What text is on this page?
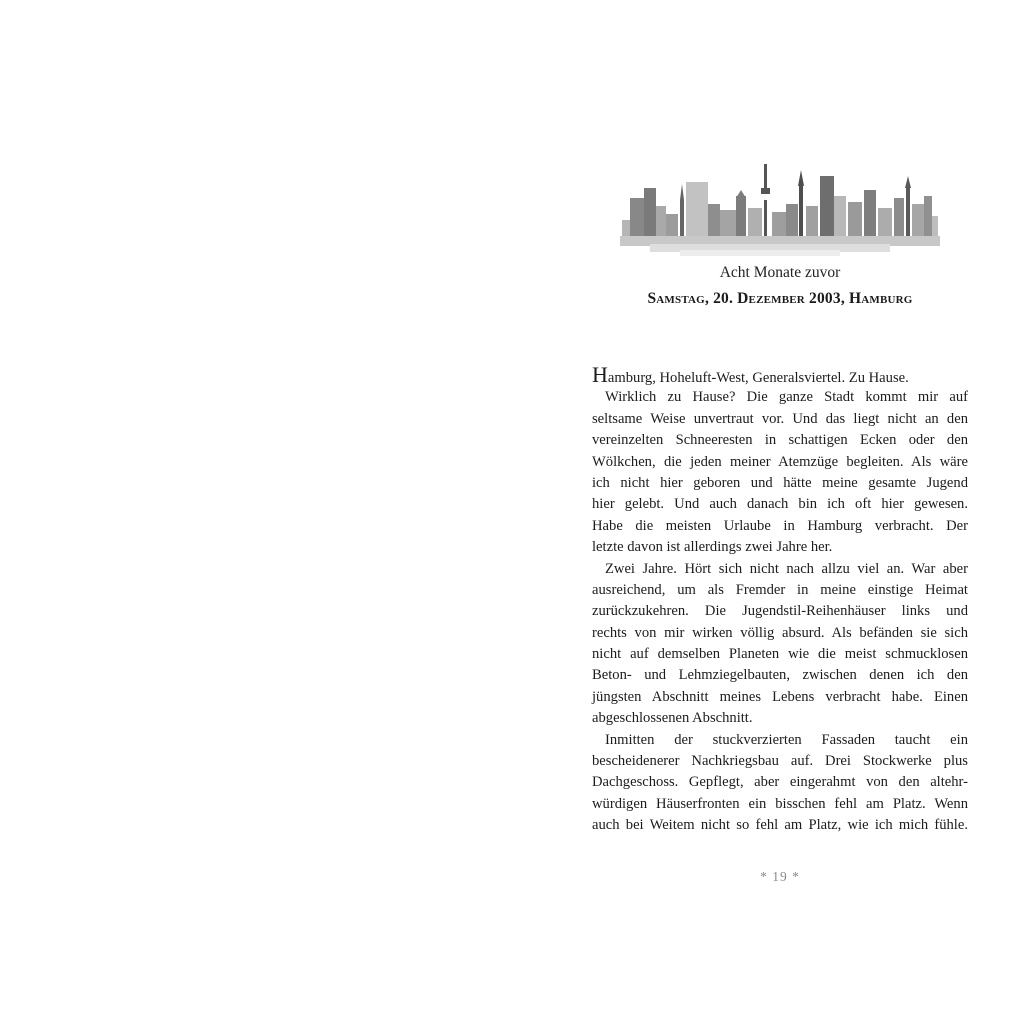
Acht Monate zuvor
Samstag, 20. Dezember 2003, Hamburg
Hamburg, Hoheluft-West, Generalsviertel. Zu Hause.
Wirklich zu Hause? Die ganze Stadt kommt mir auf
seltsame Weise unvertraut vor. Und das liegt nicht an den
vereinzelten Schneeresten in schattigen Ecken oder den
Wölkchen, die jeden meiner Atemzüge begleiten. Als wäre
ich nicht hier geboren und hätte meine gesamte Jugend
hier gelebt. Und auch danach bin ich oft hier gewesen.
Habe die meisten Urlaube in Hamburg verbracht. Der
letzte davon ist allerdings zwei Jahre her.
Zwei Jahre. Hört sich nicht nach allzu viel an. War aber
ausreichend, um als Fremder in meine einstige Heimat
zurückzukehren. Die Jugendstil-Reihenhäuser links und
rechts von mir wirken völlig absurd. Als befänden sie sich
nicht auf demselben Planeten wie die meist schmucklosen
Beton- und Lehmziegelbauten, zwischen denen ich den
jüngsten Abschnitt meines Lebens verbracht habe. Einen
abgeschlossenen Abschnitt.
Inmitten der stuckverzierten Fassaden taucht ein
bescheidenerer Nachkriegsbau auf. Drei Stockwerke plus
Dachgeschoss. Gepflegt, aber eingerahmt von den altehr-
würdigen Häuserfronten ein bisschen fehl am Platz. Wenn
auch bei Weitem nicht so fehl am Platz, wie ich mich fühle.
* 19 *
